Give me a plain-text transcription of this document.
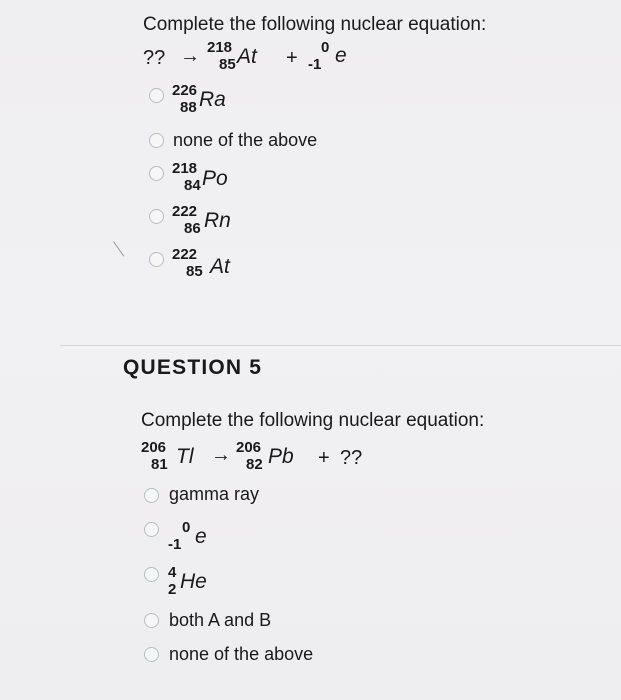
Complete the following nuclear equation:
?? → 218
85 At + 0
-1 e
226
88 Ra
none of the above
218
84 Po
222
86 Rn
222
85 At
QUESTION 5
Complete the following nuclear equation:
206
81 Tl → 206
82 Pb + ??
gamma ray
0
-1 e
4
2 He
both A and B
none of the above
